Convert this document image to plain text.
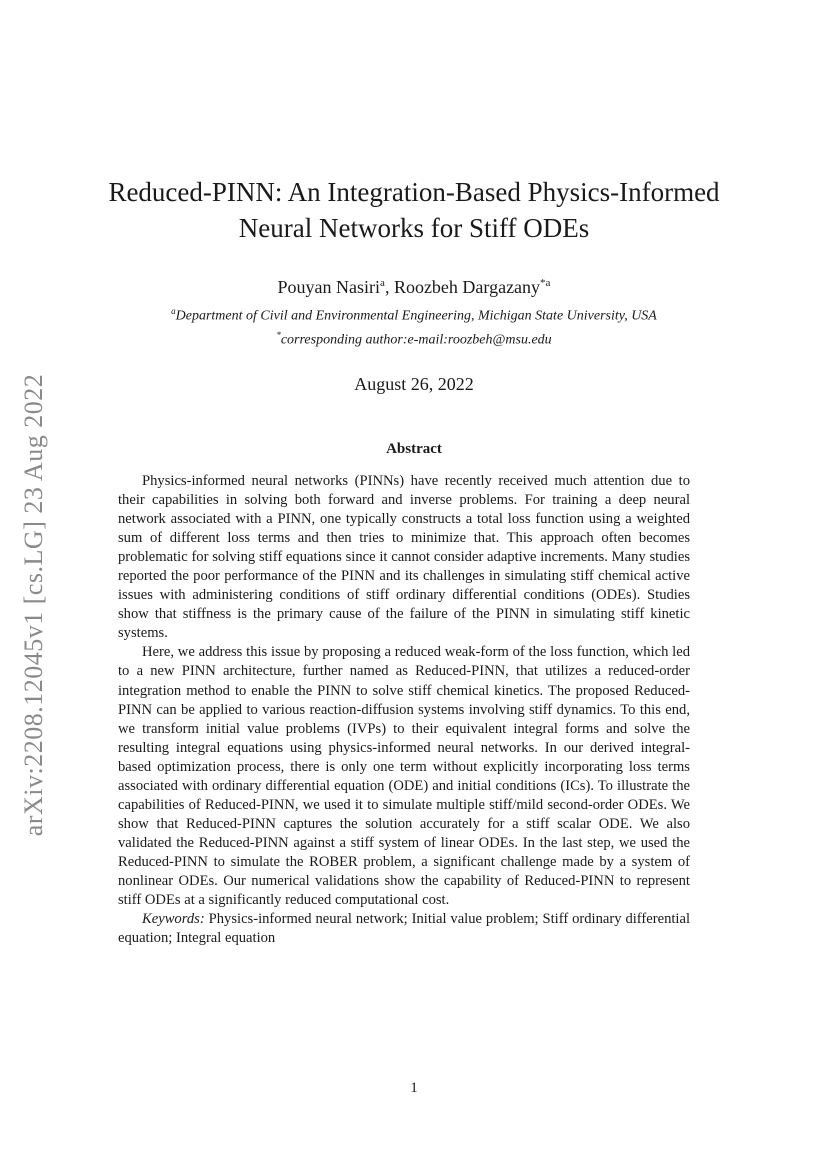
arXiv:2208.12045v1 [cs.LG] 23 Aug 2022
Reduced-PINN: An Integration-Based Physics-Informed
Neural Networks for Stiff ODEs
Pouyan Nasiri$^a$, Roozbeh Dargazany$^{*a}$
$^a$Department of Civil and Environmental Engineering, Michigan State University, USA
*corresponding author:e-mail:roozbeh@msu.edu
August 26, 2022
Abstract

Physics-informed neural networks (PINNs) have recently received much attention due to their capabilities in solving both forward and inverse problems. For training a deep neural network associated with a PINN, one typically constructs a total loss function using a weighted sum of different loss terms and then tries to minimize that. This approach often becomes problematic for solving stiff equations since it cannot consider adaptive increments. Many studies reported the poor performance of the PINN and its challenges in simulating stiff chemical active issues with administering conditions of stiff ordinary differential conditions (ODEs). Studies show that stiffness is the primary cause of the failure of the PINN in simulating stiff kinetic systems.

Here, we address this issue by proposing a reduced weak-form of the loss function, which led to a new PINN architecture, further named as Reduced-PINN, that utilizes a reduced-order integration method to enable the PINN to solve stiff chemical kinetics. The proposed Reduced-PINN can be applied to various reaction-diffusion systems involving stiff dynamics. To this end, we transform initial value problems (IVPs) to their equivalent integral forms and solve the resulting integral equations using physics-informed neural networks. In our derived integral-based optimization process, there is only one term without explicitly incorporating loss terms associated with ordinary differential equation (ODE) and initial conditions (ICs). To illustrate the capabilities of Reduced-PINN, we used it to simulate multiple stiff/mild second-order ODEs. We show that Reduced-PINN captures the solution accurately for a stiff scalar ODE. We also validated the Reduced-PINN against a stiff system of linear ODEs. In the last step, we used the Reduced-PINN to simulate the ROBER problem, a significant challenge made by a system of nonlinear ODEs. Our numerical validations show the capability of Reduced-PINN to represent stiff ODEs at a significantly reduced computational cost.

Keywords: Physics-informed neural network; Initial value problem; Stiff ordinary differential equation; Integral equation

1
